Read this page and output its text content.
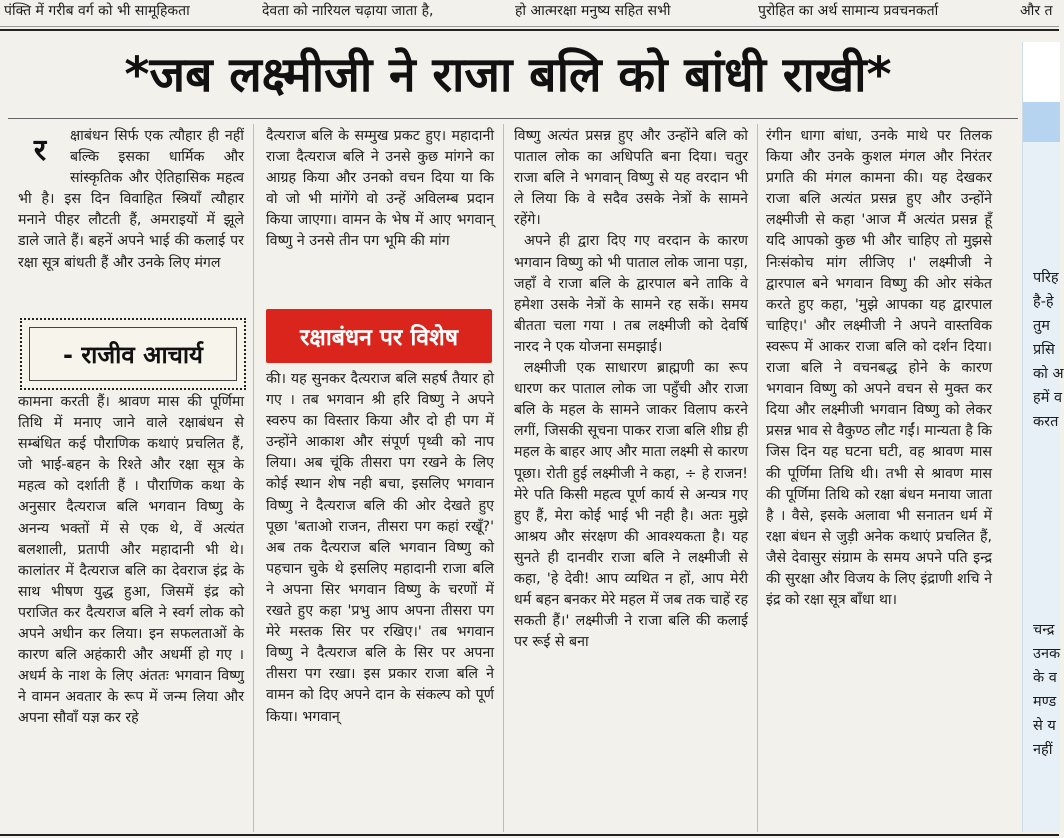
पंक्ति में गरीब वर्ग को भी सामूहिकता	देवता को नारियल चढ़ाया जाता है,	हो आत्मरक्षा मनुष्य सहित सभी	पुरोहित का अर्थ सामान्य प्रवचनकर्ता	और त
*जब लक्ष्मीजी ने राजा बलि को बांधी राखी*
र	क्षाबंधन सिर्फ एक त्यौहार ही नहीं बल्कि इसका धार्मिक और सांस्कृतिक और ऐतिहासिक महत्व भी है। इस दिन विवाहित स्त्रियाँ त्यौहार मनाने पीहर लौटती हैं, अमराइयों में झूले डाले जाते हैं। बहनें अपने भाई की कलाई पर रक्षा सूत्र बांधती हैं और उनके लिए मंगल
- राजीव आचार्य

कामना करती हैं। श्रावण मास की पूर्णिमा तिथि में मनाए जाने वाले रक्षाबंधन से सम्बंधित कई पौराणिक कथाएं प्रचलित हैं, जो भाई-बहन के रिश्ते और रक्षा सूत्र के महत्व को दर्शाती हैं । पौराणिक कथा के अनुसार दैत्यराज बलि भगवान विष्णु के अनन्य भक्तों में से एक थे, वें अत्यंत बलशाली, प्रतापी और महादानी भी थे। कालांतर में दैत्यराज बलि का देवराज इंद्र के साथ भीषण युद्ध हुआ, जिसमें इंद्र को पराजित कर दैत्यराज बलि ने स्वर्ग लोक को अपने अधीन कर लिया। इन सफलताओं के कारण बलि अहंकारी और अधर्मी हो गए । अधर्म के नाश के लिए अंततः भगवान विष्णु ने वामन अवतार के रूप में जन्म लिया और अपना सौवाँ यज्ञ कर रहे

दैत्यराज बलि के सम्मुख प्रकट हुए। महादानी राजा दैत्यराज बलि ने उनसे कुछ मांगने का आग्रह किया और उनको वचन दिया या कि वो जो भी मांगेंगे वो उन्हें अविलम्ब प्रदान किया जाएगा। वामन के भेष में आए भगवान् विष्णु ने उनसे तीन पग भूमि की मांग

रक्षाबंधन पर विशेष

की। यह सुनकर दैत्यराज बलि सहर्ष तैयार हो गए । तब भगवान श्री हरि विष्णु ने अपने स्वरुप का विस्तार किया और दो ही पग में उन्होंने आकाश और संपूर्ण पृथ्वी को नाप लिया। अब चूंकि तीसरा पग रखने के लिए कोई स्थान शेष नही बचा, इसलिए भगवान विष्णु ने दैत्यराज बलि की ओर देखते हुए पूछा 'बताओ राजन, तीसरा पग कहां रखूँ?' अब तक दैत्यराज बलि भगवान विष्णु को पहचान चुके थे इसलिए महादानी राजा बलि ने अपना सिर भगवान विष्णु के चरणों में रखते हुए कहा 'प्रभु आप अपना तीसरा पग मेरे मस्तक सिर पर रखिए।' तब भगवान विष्णु ने दैत्यराज बलि के सिर पर अपना तीसरा पग रखा। इस प्रकार राजा बलि ने वामन को दिए अपने दान के संकल्प को पूर्ण किया। भगवान्

विष्णु अत्यंत प्रसन्न हुए और उन्होंने बलि को पाताल लोक का अधिपति बना दिया। चतुर राजा बलि ने भगवान् विष्णु से यह वरदान भी ले लिया कि वे सदैव उसके नेत्रों के सामने रहेंगे।

अपने ही द्वारा दिए गए वरदान के कारण भगवान विष्णु को भी पाताल लोक जाना पड़ा, जहाँ वे राजा बलि के द्वारपाल बने ताकि वे हमेशा उसके नेत्रों के सामने रह सकें। समय बीतता चला गया । तब लक्ष्मीजी को देवर्षि नारद ने एक योजना समझाई।

लक्ष्मीजी एक साधारण ब्राह्मणी का रूप धारण कर पाताल लोक जा पहुँची और राजा बलि के महल के सामने जाकर विलाप करने लगीं, जिसकी सूचना पाकर राजा बलि शीघ्र ही महल के बाहर आए और माता लक्ष्मी से कारण पूछा। रोती हुई लक्ष्मीजी ने कहा, ÷ हे राजन! मेरे पति किसी महत्व पूर्ण कार्य से अन्यत्र गए हुए हैं, मेरा कोई भाई भी नही है। अतः मुझे आश्रय और संरक्षण की आवश्यकता है। यह सुनते ही दानवीर राजा बलि ने लक्ष्मीजी से कहा, 'हे देवी! आप व्यथित न हों, आप मेरी धर्म बहन बनकर मेरे महल में जब तक चाहें रह सकती हैं।' लक्ष्मीजी ने राजा बलि की कलाई पर रूई से बना

रंगीन धागा बांधा, उनके माथे पर तिलक किया और उनके कुशल मंगल और निरंतर प्रगति की मंगल कामना की। यह देखकर राजा बलि अत्यंत प्रसन्न हुए और उन्होंने लक्ष्मीजी से कहा 'आज मैं अत्यंत प्रसन्न हूँ यदि आपको कुछ भी और चाहिए तो मुझसे निःसंकोच मांग लीजिए ।' लक्ष्मीजी ने द्वारपाल बने भगवान विष्णु की ओर संकेत करते हुए कहा, 'मुझे आपका यह द्वारपाल चाहिए।' और लक्ष्मीजी ने अपने वास्तविक स्वरूप में आकर राजा बलि को दर्शन दिया। राजा बलि ने वचनबद्ध होने के कारण भगवान विष्णु को अपने वचन से मुक्त कर दिया और लक्ष्मीजी भगवान विष्णु को लेकर प्रसन्न भाव से वैकुण्ठ लौट गईं। मान्यता है कि जिस दिन यह घटना घटी, वह श्रावण मास की पूर्णिमा तिथि थी। तभी से श्रावण मास की पूर्णिमा तिथि को रक्षा बंधन मनाया जाता है । वैसे, इसके अलावा भी सनातन धर्म में रक्षा बंधन से जुड़ी अनेक कथाएं प्रचलित हैं, जैसे देवासुर संग्राम के समय अपने पति इन्द्र की सुरक्षा और विजय के लिए इंद्राणी शचि ने इंद्र को रक्षा सूत्र बाँधा था।

परिह
है-हे
तुम
प्रसि
को अ
हमें व
करत
चन्द्र
उनक
के व
मण्ड
से य
नहीं
